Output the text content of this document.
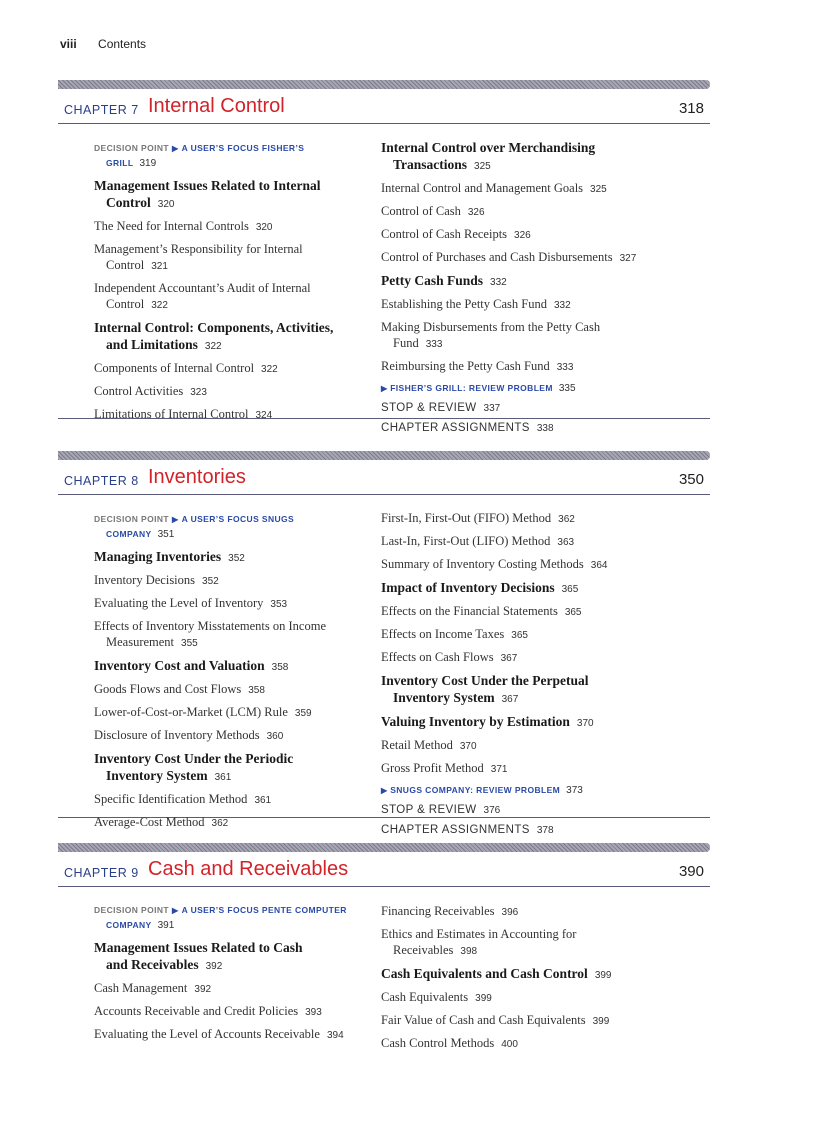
viii Contents
CHAPTER 7 Internal Control	318
DECISION POINT ▶ A USER’S FOCUS FISHER’S
GRILL 319
Management Issues Related to Internal
Control 320
The Need for Internal Controls 320
Management’s Responsibility for Internal
Control 321
Independent Accountant’s Audit of Internal
Control 322
Internal Control: Components, Activities,
and Limitations 322
Components of Internal Control 322
Control Activities 323
Limitations of Internal Control 324
Internal Control over Merchandising
Transactions 325
Internal Control and Management Goals 325
Control of Cash 326
Control of Cash Receipts 326
Control of Purchases and Cash Disbursements 327
Petty Cash Funds 332
Establishing the Petty Cash Fund 332
Making Disbursements from the Petty Cash
Fund 333
Reimbursing the Petty Cash Fund 333
▶ FISHER’S GRILL: REVIEW PROBLEM 335
STOP & REVIEW 337
CHAPTER ASSIGNMENTS 338
CHAPTER 8 Inventories	350
DECISION POINT ▶ A USER’S FOCUS SNUGS
COMPANY 351
Managing Inventories 352
Inventory Decisions 352
Evaluating the Level of Inventory 353
Effects of Inventory Misstatements on Income
Measurement 355
Inventory Cost and Valuation 358
Goods Flows and Cost Flows 358
Lower-of-Cost-or-Market (LCM) Rule 359
Disclosure of Inventory Methods 360
Inventory Cost Under the Periodic
Inventory System 361
Specific Identification Method 361
Average-Cost Method 362
First-In, First-Out (FIFO) Method 362
Last-In, First-Out (LIFO) Method 363
Summary of Inventory Costing Methods 364
Impact of Inventory Decisions 365
Effects on the Financial Statements 365
Effects on Income Taxes 365
Effects on Cash Flows 367
Inventory Cost Under the Perpetual
Inventory System 367
Valuing Inventory by Estimation 370
Retail Method 370
Gross Profit Method 371
▶ SNUGS COMPANY: REVIEW PROBLEM 373
STOP & REVIEW 376
CHAPTER ASSIGNMENTS 378
CHAPTER 9 Cash and Receivables	390
DECISION POINT ▶ A USER’S FOCUS PENTE COMPUTER
COMPANY 391
Management Issues Related to Cash
and Receivables 392
Cash Management 392
Accounts Receivable and Credit Policies 393
Evaluating the Level of Accounts Receivable 394
Financing Receivables 396
Ethics and Estimates in Accounting for
Receivables 398
Cash Equivalents and Cash Control 399
Cash Equivalents 399
Fair Value of Cash and Cash Equivalents 399
Cash Control Methods 400
